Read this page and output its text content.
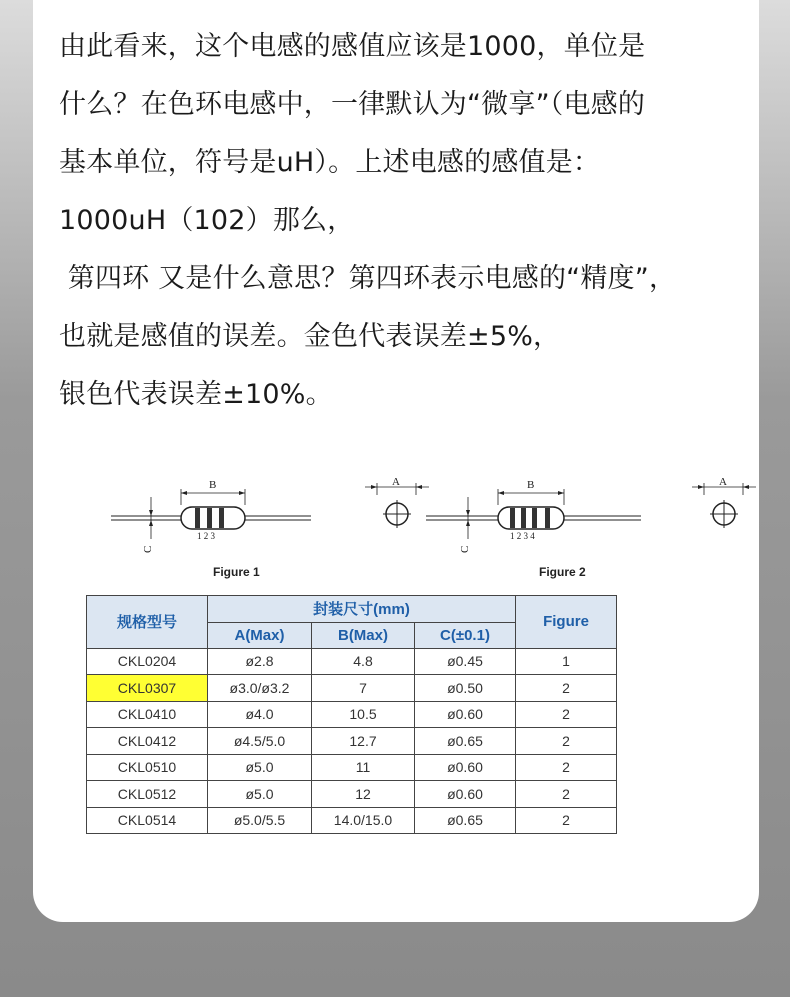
由此看来，这个电感的感值应该是1000，单位是
什么？在色环电感中，一律默认为“微享”（电感的
基本单位，符号是uH）。上述电感的感值是：
1000uH（102）那么，
第四环 又是什么意思？第四环表示电感的“精度”，
也就是感值的误差。金色代表误差±5%，
银色代表误差±10%。
B
C
1 2 3
A
Figure 1
B
C
1 2 3 4
A
Figure 2
规格型号	封装尺寸(mm)			Figure
	A(Max)	B(Max)	C(±0.1)	
CKL0204	ø2.8	4.8	ø0.45	1
CKL0307	ø3.0/ø3.2	7	ø0.50	2
CKL0410	ø4.0	10.5	ø0.60	2
CKL0412	ø4.5/5.0	12.7	ø0.65	2
CKL0510	ø5.0	11	ø0.60	2
CKL0512	ø5.0	12	ø0.60	2
CKL0514	ø5.0/5.5	14.0/15.0	ø0.65	2
